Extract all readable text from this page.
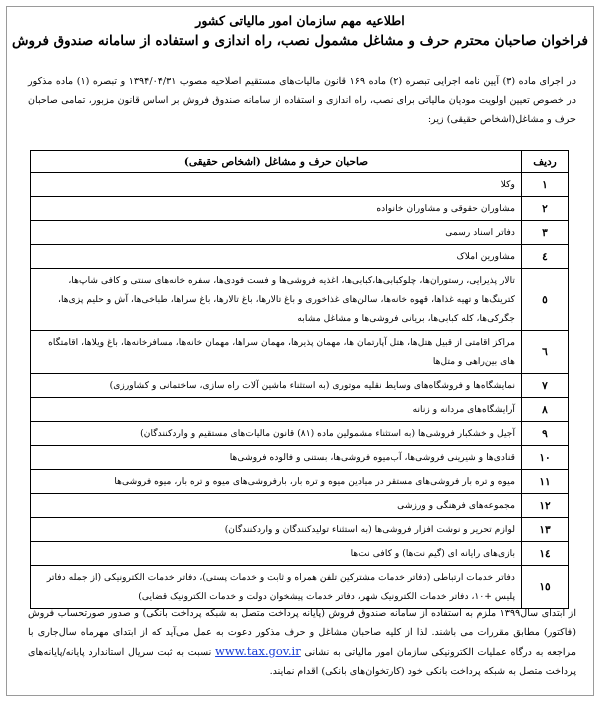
اطلاعیه مهم سازمان امور مالیاتی کشور
فراخوان صاحبان محترم حرف و مشاغل مشمول نصب، راه اندازی و استفاده از سامانه صندوق فروش
در اجرای ماده (۳) آیین نامه اجرایی تبصره (۲) ماده ۱۶۹ قانون مالیات‌های مستقیم اصلاحیه مصوب ۱۳۹۴/۰۴/۳۱ و تبصره (۱) ماده مذکور در خصوص تعیین اولویت مودیان مالیاتی برای نصب، راه اندازی و استفاده از سامانه صندوق فروش بر اساس قانون مزبور، تمامی صاحبان حرف و مشاغل(اشخاص حقیقی) زیر:
ردیف	صاحبان حرف و مشاغل (اشخاص حقیقی)
۱	وکلا
۲	مشاوران حقوقی و مشاوران خانواده
۳	دفاتر اسناد رسمی
٤	مشاورین املاک
٥	تالار پذیرایی، رستوران‌ها، چلوکبابی‌ها،کبابی‌ها، اغذیه فروشی‌ها و فست فودی‌ها، سفره خانه‌های سنتی و کافی شاپ‌ها، کترینگ‌ها و تهیه غذاها، قهوه خانه‌ها، سالن‌های غذاخوری و باغ تالارها، باغ تالارها، باغ سراها، طباخی‌ها، آش و حلیم پزی‌ها، جگرکی‌ها، کله کبابی‌ها، بریانی فروشی‌ها و مشاغل مشابه
٦	مراکز اقامتی از قبیل هتل‌ها، هتل آپارتمان ها، مهمان پذیرها، مهمان سراها، مهمان خانه‌ها، مسافرخانه‌ها، باغ ویلاها، اقامتگاه های بین‌راهی و متل‌ها
۷	نمایشگاه‌ها و فروشگاه‌های وسایط نقلیه موتوری (به استثناء ماشین آلات راه سازی، ساختمانی و کشاورزی)
۸	آرایشگاه‌های مردانه و زنانه
۹	آجیل و خشکبار فروشی‌ها (به استثناء مشمولین ماده (۸۱) قانون مالیات‌های مستقیم و واردکنندگان)
۱۰	قنادی‌ها و شیرینی فروشی‌ها، آب‌میوه فروشی‌ها، بستنی و فالوده فروشی‌ها
۱۱	میوه و تره بار فروشی‌های مستقر در میادین میوه و تره بار، بارفروشی‌های میوه و تره بار، میوه فروشی‌ها
۱۲	مجموعه‌های فرهنگی و ورزشی
۱۳	لوازم تحریر و نوشت افزار فروشی‌ها (به استثناء تولیدکنندگان و واردکنندگان)
۱٤	بازی‌های رایانه ای (گیم نت‌ها) و کافی نت‌ها
۱٥	دفاتر خدمات ارتباطی (دفاتر خدمات مشترکین تلفن همراه و ثابت و خدمات پستی)، دفاتر خدمات الکترونیکی (از جمله دفاتر پلیس +۱۰، دفاتر خدمات الکترونیک شهر، دفاتر خدمات پیشخوان دولت و خدمات الکترونیک قضایی)
از ابتدای سال۱۳۹۹ ملزم به استفاده از سامانه صندوق فروش (پایانه پرداخت متصل به شبکه پرداخت بانکی) و صدور صورتحساب فروش (فاکتور) مطابق مقررات می باشند. لذا از کلیه صاحبان مشاغل و حرف مذکور دعوت به عمل می‌آید که از ابتدای مهرماه سال‌جاری با مراجعه به درگاه عملیات الکترونیکی سازمان امور مالیاتی به نشانی www.tax.gov.ir نسبت به ثبت سریال استاندارد پایانه/پایانه‌های پرداخت متصل به شبکه پرداخت بانکی خود (کارتخوان‌های بانکی) اقدام نمایند.
